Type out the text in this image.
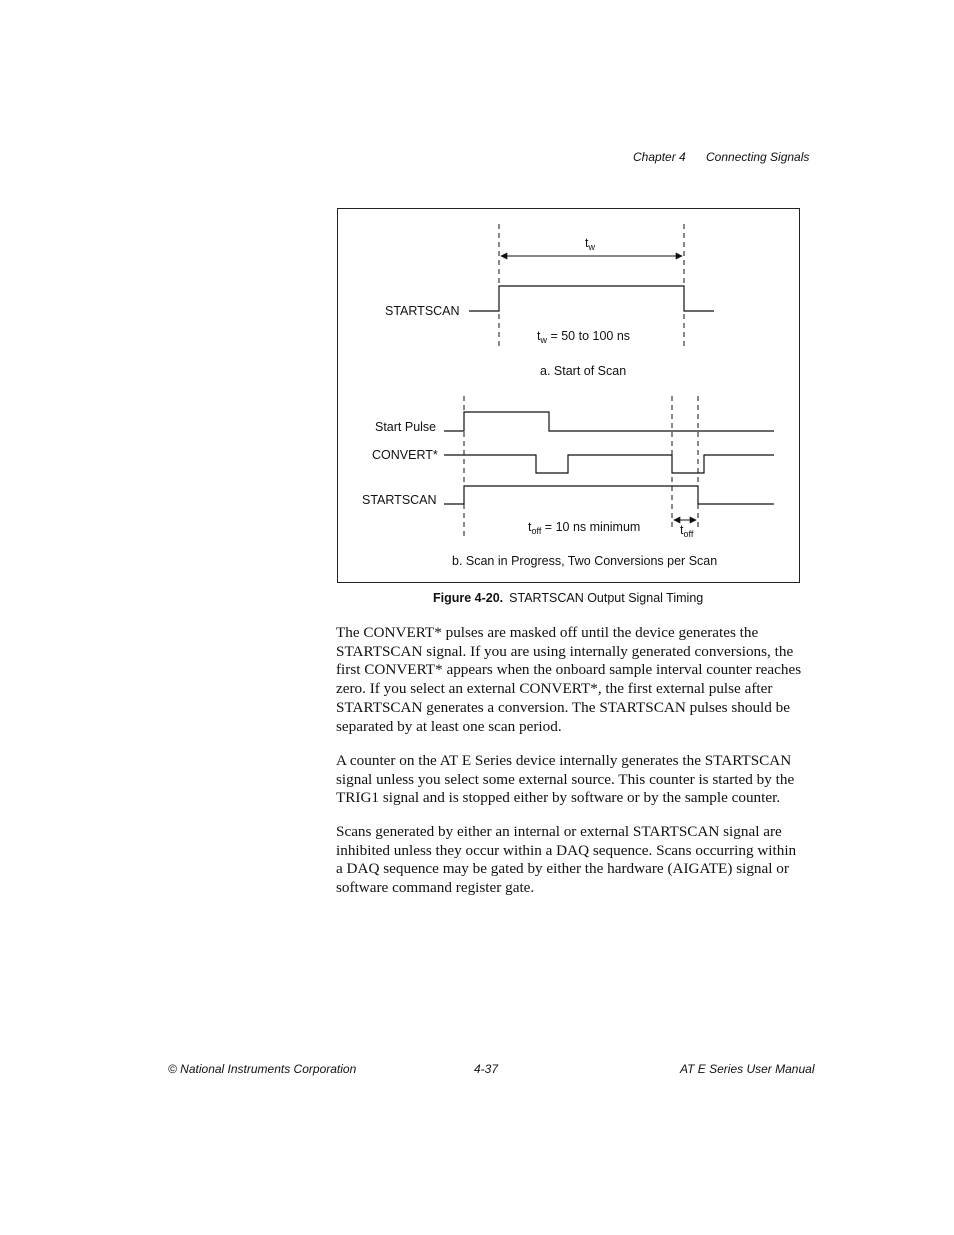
Chapter 4 Connecting Signals
$t_w$
STARTSCAN
$t_w = 50$ to 100 ns
a. Start of Scan
Start Pulse
CONVERT*
STARTSCAN
$t_{off} = 10$ ns minimum	$t_{off}$
b. Scan in Progress, Two Conversions per Scan
Figure 4-20. STARTSCAN Output Signal Timing

The CONVERT* pulses are masked off until the device generates the STARTSCAN signal. If you are using internally generated conversions, the first CONVERT* appears when the onboard sample interval counter reaches zero. If you select an external CONVERT*, the first external pulse after STARTSCAN generates a conversion. The STARTSCAN pulses should be separated by at least one scan period.

A counter on the AT E Series device internally generates the STARTSCAN signal unless you select some external source. This counter is started by the TRIG1 signal and is stopped either by software or by the sample counter.

Scans generated by either an internal or external STARTSCAN signal are inhibited unless they occur within a DAQ sequence. Scans occurring within a DAQ sequence may be gated by either the hardware (AIGATE) signal or software command register gate.

© National Instruments Corporation	4-37	AT E Series User Manual
